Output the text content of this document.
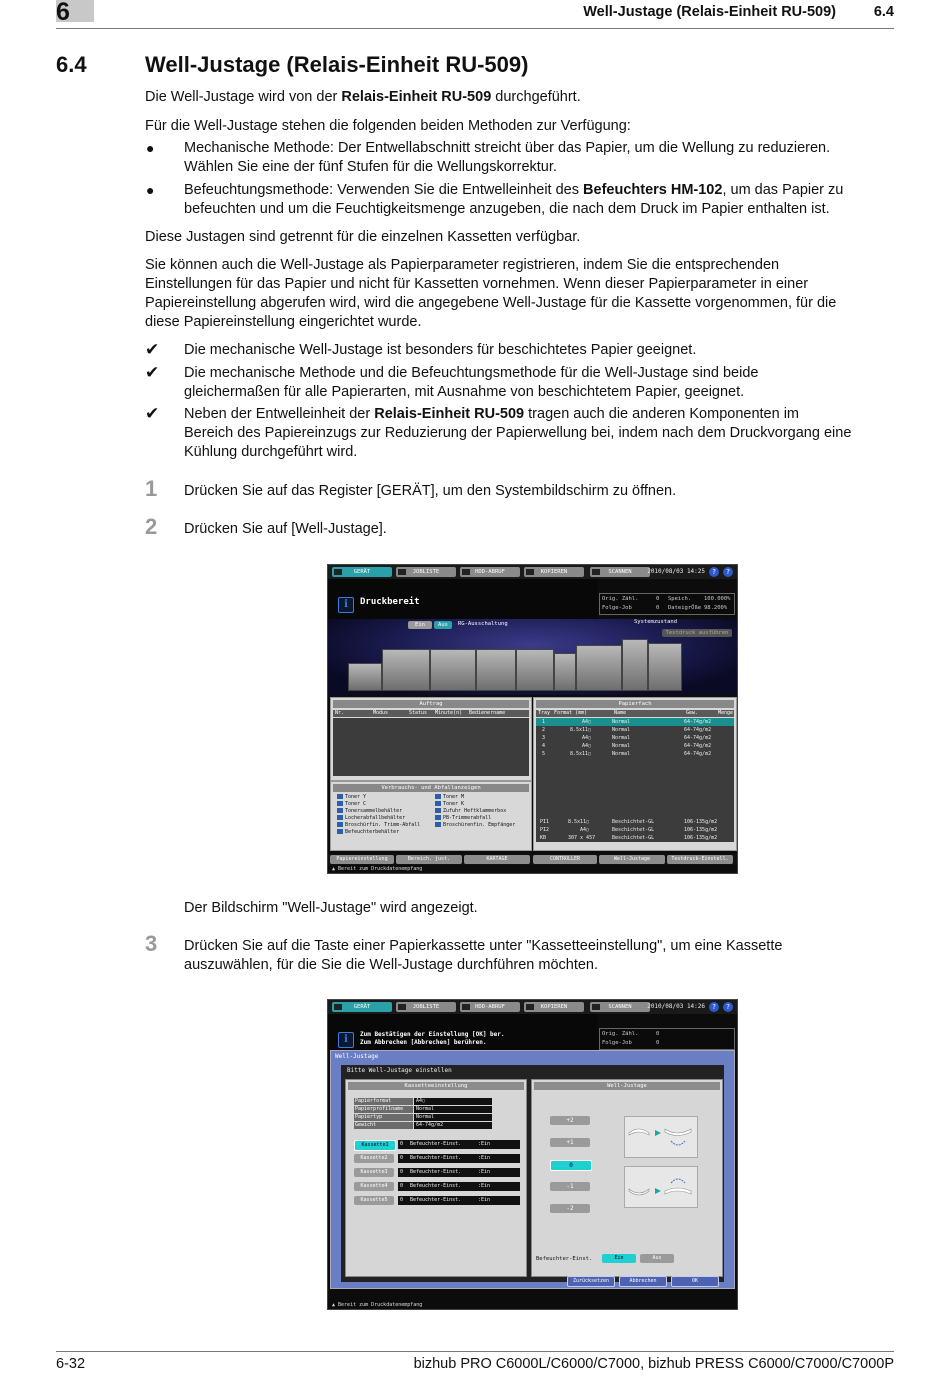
6	Well-Justage (Relais-Einheit RU-509)	6.4
6.4	Well-Justage (Relais-Einheit RU-509)
Die Well-Justage wird von der Relais-Einheit RU-509 durchgeführt.
Für die Well-Justage stehen die folgenden beiden Methoden zur Verfügung:
● Mechanische Methode: Der Entwellabschnitt streicht über das Papier, um die Wellung zu reduzieren.
Wählen Sie eine der fünf Stufen für die Wellungskorrektur.
● Befeuchtungsmethode: Verwenden Sie die Entwelleinheit des Befeuchters HM-102, um das Papier zu
befeuchten und um die Feuchtigkeitsmenge anzugeben, die nach dem Druck im Papier enthalten ist.
Diese Justagen sind getrennt für die einzelnen Kassetten verfügbar.
Sie können auch die Well-Justage als Papierparameter registrieren, indem Sie die entsprechenden
Einstellungen für das Papier und nicht für Kassetten vornehmen. Wenn dieser Papierparameter in einer
Papiereinstellung abgerufen wird, wird die angegebene Well-Justage für die Kassette vorgenommen, für die
diese Papiereinstellung eingerichtet wurde.
✔ Die mechanische Well-Justage ist besonders für beschichtetes Papier geeignet.
✔ Die mechanische Methode und die Befeuchtungsmethode für die Well-Justage sind beide
gleichermaßen für alle Papierarten, mit Ausnahme von beschichtetem Papier, geeignet.
✔ Neben der Entwelleinheit der Relais-Einheit RU-509 tragen auch die anderen Komponenten im
Bereich des Papiereinzugs zur Reduzierung der Papierwellung bei, indem nach dem Druckvorgang eine
Kühlung durchgeführt wird.
1 Drücken Sie auf das Register [GERÄT], um den Systembildschirm zu öffnen.
2 Drücken Sie auf [Well-Justage].
GERÄT	JOBLISTE	HDD-ABRUF	KOPIEREN	SCANNEN	2010/08/03 14:25 ?	?
i	Druckbereit	Orig. Zähl.	0 Speich. 100.000%
Folge-Job	0 DateigrÖße 98.200%
Ein	Aus	RG-Ausschaltung	Systemzustand
Testdruck ausführen
Auftrag
Nr.	Modus	Status Minute(n) Bedienername
Verbrauchs- und Abfallanzeigen
Toner Y
Toner C
Tonersammelbehälter
Locherabfallbehälter
Broschürfin. Trimm-Abfall
Befeuchterbehälter
Toner M
Toner K
Zufuhr Heftklammerbox
PB-Trimmerabfall
Broschürenfin. Empfänger
Papierfach
Tray Format (mm)	Name	Gew.	Menge
1	A4▢	Normal	64-74g/m2
2	8.5x11▢	Normal	64-74g/m2
3	A4▢	Normal	64-74g/m2
4	A4▢	Normal	64-74g/m2
5	8.5x11▢	Normal	64-74g/m2
PI1	8.5x11▢	Beschichtet-GL	106-135g/m2
PI2	A4▢	Beschichtet-GL	106-135g/m2
KB	307 x 457	Beschichtet-GL	106-135g/m2
Papiereinstellung	Bereich. just.	KARTAGE	CONTROLLER	Well-Justage	Testdruck-Einstell.
▲ Bereit zum Druckdatenempfang
Der Bildschirm "Well-Justage" wird angezeigt.
3 Drücken Sie auf die Taste einer Papierkassette unter "Kassetteeinstellung", um eine Kassette
auszuwählen, für die Sie die Well-Justage durchführen möchten.
GERÄT	JOBLISTE	HDD-ABRUF	KOPIEREN	SCANNEN	2010/08/03 14:26 ?	?
i	Zum Bestätigen der Einstellung [OK] ber.
Zum Abbrechen [Abbrechen] berühren.
Orig. Zähl.	0
Folge-Job	0
Well-Justage
Bitte Well-Justage einstellen
Kassetteeinstellung
Papierformat	A4▢
Papierprofilname	Normal
Papiertyp	Normal
Gewicht	64-74g/m2
Kassette1	0 Befeuchter-Einst.	:Ein
Kassette2	0 Befeuchter-Einst.	:Ein
Kassette3	0 Befeuchter-Einst.	:Ein
Kassette4	0 Befeuchter-Einst.	:Ein
Kassette5	0 Befeuchter-Einst.	:Ein
Well-Justage
+2
+1
0
-1
-2
Befeuchter-Einst.	Ein	Aus
Zurücksetzen	Abbrechen	OK
▲ Bereit zum Druckdatenempfang
6-32	bizhub PRO C6000L/C6000/C7000, bizhub PRESS C6000/C7000/C7000P
